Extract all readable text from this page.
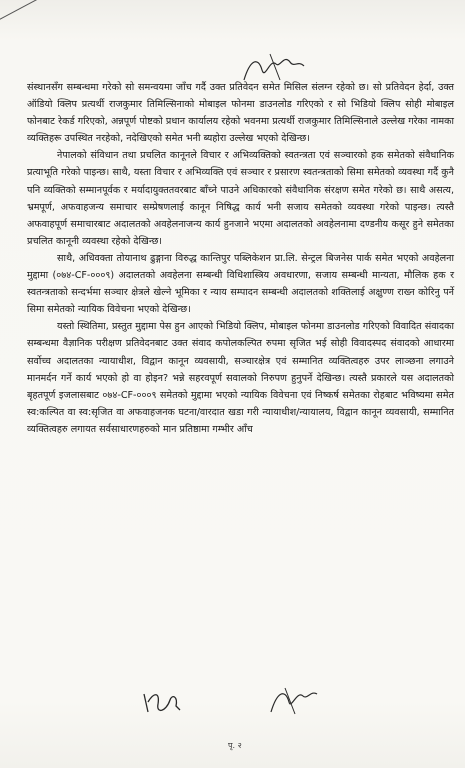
संस्थानसँग सम्बन्धमा गरेको सो समन्वयमा जाँच गर्दै उक्त प्रतिवेदन समेत मिसिल संलग्न रहेको छ। सो प्रतिवेदन हेर्दा, उक्त ऑडियो क्लिप प्रत्यर्थी राजकुमार तिमिल्सिनाको मोबाइल फोनमा डाउनलोड गरिएको र सो भिडियो क्लिप सोही मोबाइल फोनबाट रेकर्ड गरिएको, अन्नपूर्ण पोष्टको प्रधान कार्यालय रहेको भवनमा प्रत्यर्थी राजकुमार तिमिल्सिनाले उल्लेख गरेका नामका व्यक्तिहरू उपस्थित नरहेको, नदेखिएको समेत भनी ब्यहोरा उल्लेख भएको देखिन्छ।

नेपालको संविधान तथा प्रचलित कानूनले विचार र अभिव्यक्तिको स्वतन्त्रता एवं सञ्चारको हक समेतको संवैधानिक प्रत्याभूति गरेको पाइन्छ। साथै, यस्ता विचार र अभिव्यक्ति एवं सञ्चार र प्रसारण स्वतन्त्रताको सिमा समेतको व्यवस्था गर्दै कुनै पनि व्यक्तिको सम्मानपूर्वक र मर्यादायुक्ततवरबाट बाँच्ने पाउने अधिकारको संवैधानिक संरक्षण समेत गरेको छ। साथै असत्य, भ्रमपूर्ण, अफवाहजन्य समाचार सम्प्रेषणलाई कानून निषिद्ध कार्य भनी सजाय समेतको व्यवस्था गरेको पाइन्छ। त्यस्तै अफवाहपूर्ण समाचारबाट अदालतको अवहेलनाजन्य कार्य हुनजाने भएमा अदालतको अवहेलनामा दण्डनीय कसूर हुने समेतका प्रचलित कानूनी व्यवस्था रहेको देखिन्छ।

साथै, अधिवक्ता तोयानाथ ढुङ्गाना विरुद्ध कान्तिपुर पब्लिकेशन प्रा.लि. सेन्ट्रल बिजनेस पार्क समेत भएको अवहेलना मुद्दामा (०७४-CF-०००९) अदालतको अवहेलना सम्बन्धी विधिशास्त्रिय अवधारणा, सजाय सम्बन्धी मान्यता, मौलिक हक र स्वतन्त्रताको सन्दर्भमा सञ्चार क्षेत्रले खेल्ने भूमिका र न्याय सम्पादन सम्बन्धी अदालतको शक्तिलाई अक्षुण्ण राख्न कोरिनु पर्ने सिमा समेतको न्यायिक विवेचना भएको देखिन्छ।

यस्तो स्थितिमा, प्रस्तुत मुद्दामा पेस हुन आएको भिडियो क्लिप, मोबाइल फोनमा डाउनलोड गरिएको विवादित संवादका सम्बन्धमा वैज्ञानिक परीक्षण प्रतिवेदनबाट उक्त संवाद कपोलकल्पित रुपमा सृजित भई सोही विवादस्पद संवादको आधारमा सर्वोच्च अदालतका न्यायाधीश, विद्वान कानून व्यवसायी, सञ्चारक्षेत्र एवं सम्मानित व्यक्तित्वहरु उपर लाञ्छना लगाउने मानमर्दन गर्ने कार्य भएको हो वा होइन? भन्ने सहरवपूर्ण सवालको निरुपण हुनुपर्ने देखिन्छ। त्यस्तै प्रकारले यस अदालतको बृहतपूर्ण इजलासबाट ०७४-CF-०००९ समेतको मुद्दामा भएको न्यायिक विवेचना एवं निष्कर्ष समेतका रोहबाट भविष्यमा समेत स्व:कल्पित वा स्व:सृजित वा अफवाहजनक घटना/वारदात खडा गरी न्यायाधीश/न्यायालय, विद्वान कानून व्यवसायी, सम्मानित व्यक्तित्वहरु लगायत सर्वसाधारणहरुको मान प्रतिष्ठामा गम्भीर आँच

पृ. २
